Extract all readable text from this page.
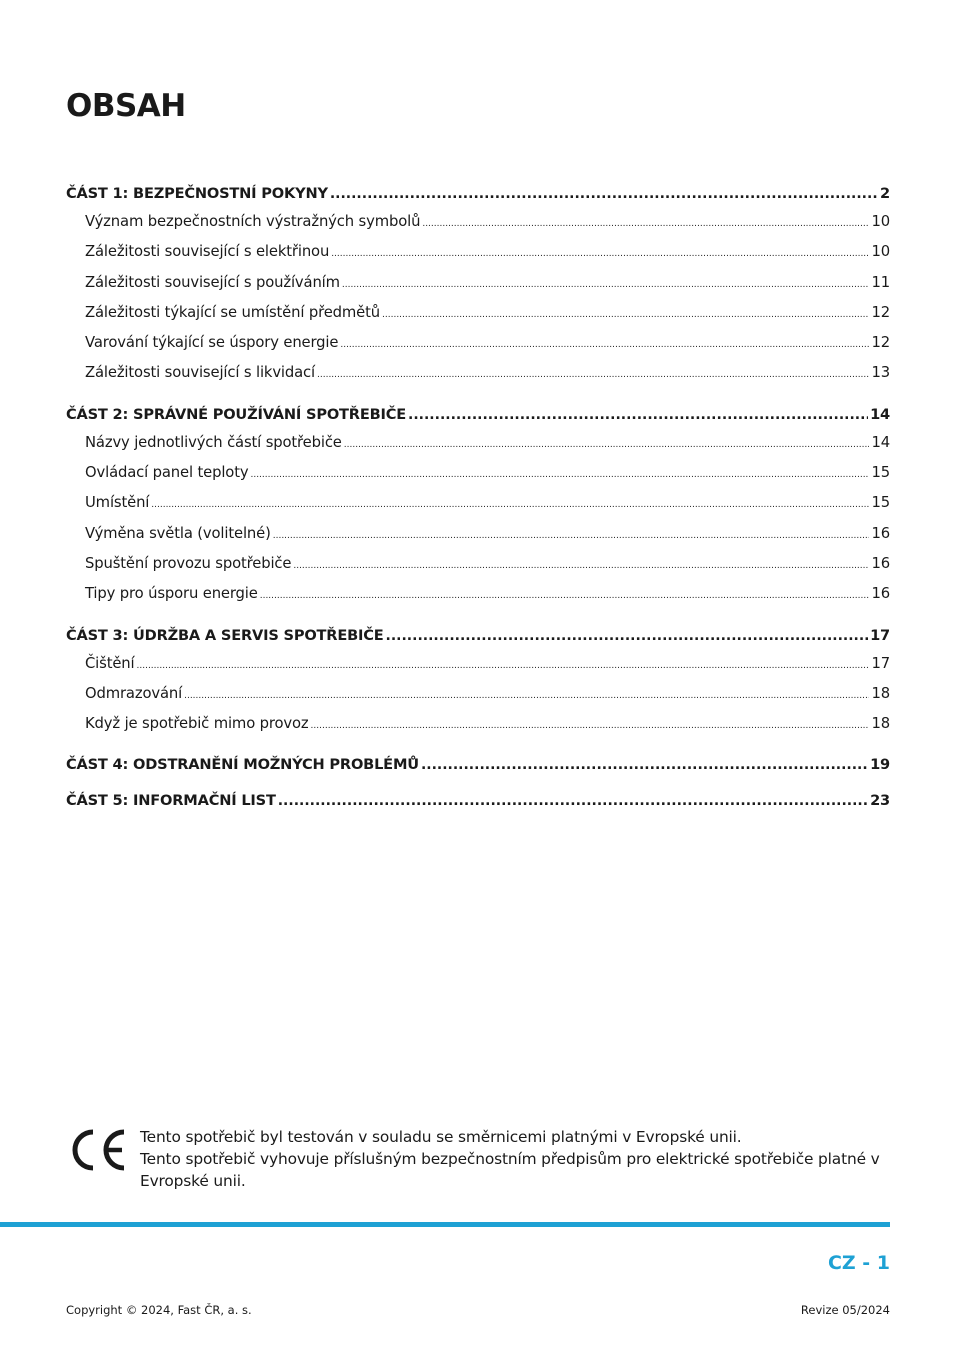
OBSAH
ČÁST 1: BEZPEČNOSTNÍ POKYNY .....	2
Význam bezpečnostních výstražných symbolů .....	10
Záležitosti související s elektřinou .....	10
Záležitosti související s používáním .....	11
Záležitosti týkající se umístění předmětů .....	12
Varování týkající se úspory energie .....	12
Záležitosti související s likvidací .....	13
ČÁST 2: SPRÁVNÉ POUŽÍVÁNÍ SPOTŘEBIČE .....	14
Názvy jednotlivých částí spotřebiče .....	14
Ovládací panel teploty .....	15
Umístění .....	15
Výměna světla (volitelné) .....	16
Spuštění provozu spotřebiče .....	16
Tipy pro úsporu energie .....	16
ČÁST 3: ÚDRŽBA A SERVIS SPOTŘEBIČE .....	17
Čištění .....	17
Odmrazování .....	18
Když je spotřebič mimo provoz .....	18
ČÁST 4: ODSTRANĚNÍ MOŽNÝCH PROBLÉMŮ .....	19
ČÁST 5: INFORMAČNÍ LIST .....	23
Tento spotřebič byl testován v souladu se směrnicemi platnými v Evropské unii.
Tento spotřebič vyhovuje příslušným bezpečnostním předpisům pro elektrické spotřebiče platné v Evropské unii.
CZ - 1
Copyright © 2024, Fast ČR, a. s.	Revize 05/2024
